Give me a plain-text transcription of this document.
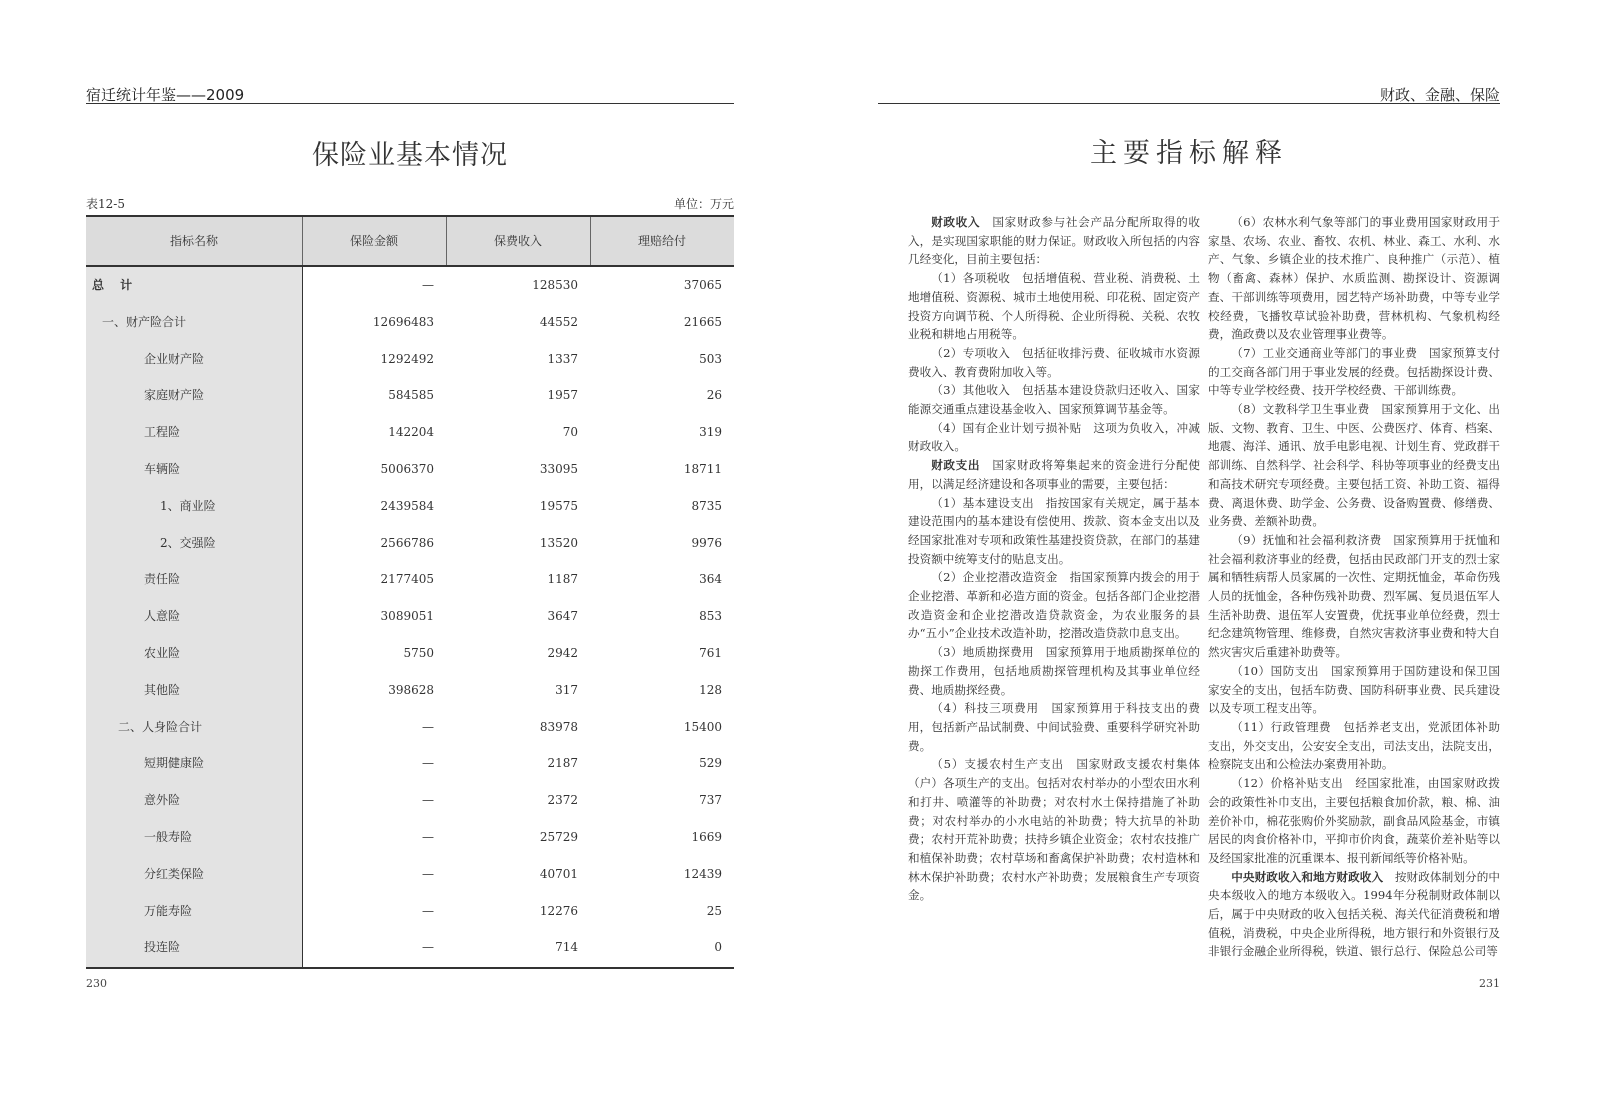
宿迁统计年鉴——2009
保险业基本情况
表12-5	单位：万元
指标名称	保险金额	保费收入	理赔给付
总 计	—	128530	37065
一、财产险合计	12696483	44552	21665
企业财产险	1292492	1337	503
家庭财产险	584585	1957	26
工程险	142204	70	319
车辆险	5006370	33095	18711
1、商业险	2439584	19575	8735
2、交强险	2566786	13520	9976
责任险	2177405	1187	364
人意险	3089051	3647	853
农业险	5750	2942	761
其他险	398628	317	128
二、人身险合计	—	83978	15400
短期健康险	—	2187	529
意外险	—	2372	737
一般寿险	—	25729	1669
分红类保险	—	40701	12439
万能寿险	—	12276	25
投连险	—	714	0
230
财政、金融、保险
主要指标解释

财政收入　国家财政参与社会产品分配所取得的收入，是实现国家职能的财力保证。财政收入所包括的内容几经变化，目前主要包括：

（1）各项税收　包括增值税、营业税、消费税、土地增值税、资源税、城市土地使用税、印花税、固定资产投资方向调节税、个人所得税、企业所得税、关税、农牧业税和耕地占用税等。

（2）专项收入　包括征收排污费、征收城市水资源费收入、教育费附加收入等。

（3）其他收入　包括基本建设贷款归还收入、国家能源交通重点建设基金收入、国家预算调节基金等。

（4）国有企业计划亏损补贴　这项为负收入，冲减财政收入。

财政支出　国家财政将筹集起来的资金进行分配使用，以满足经济建设和各项事业的需要，主要包括：

（1）基本建设支出　指按国家有关规定，属于基本建设范围内的基本建设有偿使用、拨款、资本金支出以及经国家批准对专项和政策性基建投资贷款，在部门的基建投资额中统筹支付的贴息支出。

（2）企业挖潜改造资金　指国家预算内拨会的用于企业挖潜、革新和必造方面的资金。包括各部门企业挖潜改造资金和企业挖潜改造贷款资金，为农业服务的县办“五小”企业技术改造补助，挖潜改造贷款巾息支出。

（3）地质勘探费用　国家预算用于地质勘探单位的勘探工作费用，包括地质勘探管理机构及其事业单位经费、地质勘探经费。

（4）科技三项费用　国家预算用于科技支出的费用，包括新产品试制费、中间试验费、重要科学研究补助费。

（5）支援农村生产支出　国家财政支援农村集体（户）各项生产的支出。包括对农村举办的小型农田水利和打井、喷灌等的补助费；对农村水土保持措施了补助费；对农村举办的小水电站的补助费；特大抗旱的补助费；农村开荒补助费；扶持乡镇企业资金；农村农技推广和植保补助费；农村草场和畜禽保护补助费；农村造林和林木保护补助费；农村水产补助费；发展粮食生产专项资金。

（6）农林水利气象等部门的事业费用国家财政用于家垦、农场、农业、畜牧、农机、林业、森工、水利、水产、气象、乡镇企业的技术推广、良种推广（示范）、植物（畜禽、森林）保护、水质监测、勘探设计、资源调查、干部训练等项费用，园艺特产场补助费，中等专业学校经费，飞播牧草试验补助费，营林机构、气象机构经费，渔政费以及农业管理事业费等。

（7）工业交通商业等部门的事业费　国家预算支付的工交商各部门用于事业发展的经费。包括勘探设计费、中等专业学校经费、技开学校经费、干部训练费。

（8）文教科学卫生事业费　国家预算用于文化、出版、文物、教育、卫生、中医、公费医疗、体育、档案、地震、海洋、通讯、放手电影电视、计划生育、党政群干部训练、自然科学、社会科学、科协等项事业的经费支出和高技术研究专项经费。主要包括工资、补助工资、福得费、离退休费、助学金、公务费、设备购置费、修缮费、业务费、差额补助费。

（9）抚恤和社会福利救济费　国家预算用于抚恤和社会福利救济事业的经费，包括由民政部门开支的烈士家属和牺牲病帮人员家属的一次性、定期抚恤金，革命伤残人员的抚恤金，各种伤残补助费、烈军属、复员退伍军人生活补助费、退伍军人安置费，优抚事业单位经费，烈士纪念建筑物管理、维修费，自然灾害救济事业费和特大自然灾害灾后重建补助费等。

（10）国防支出　国家预算用于国防建设和保卫国家安全的支出，包括车防费、国防科研事业费、民兵建设以及专项工程支出等。

（11）行政管理费　包括养老支出，党派团体补助支出，外交支出，公安安全支出，司法支出，法院支出，检察院支出和公检法办案费用补助。

（12）价格补贴支出　经国家批准，由国家财政拨会的政策性补巾支出，主要包括粮食加价款，粮、棉、油差价补巾，棉花张购价外奖励款，副食品风险基金，市镇居民的肉食价格补巾，平抑市价肉食，蔬菜价差补贴等以及经国家批准的沉重课本、报刊新闻纸等价格补贴。

中央财政收入和地方财政收入　按财政体制划分的中央本级收入的地方本级收入。1994年分税制财政体制以后，属于中央财政的收入包括关税、海关代征消费税和增值税，消费税，中央企业所得税，地方银行和外资银行及非银行金融企业所得税，铁道、银行总行、保险总公司等

231
